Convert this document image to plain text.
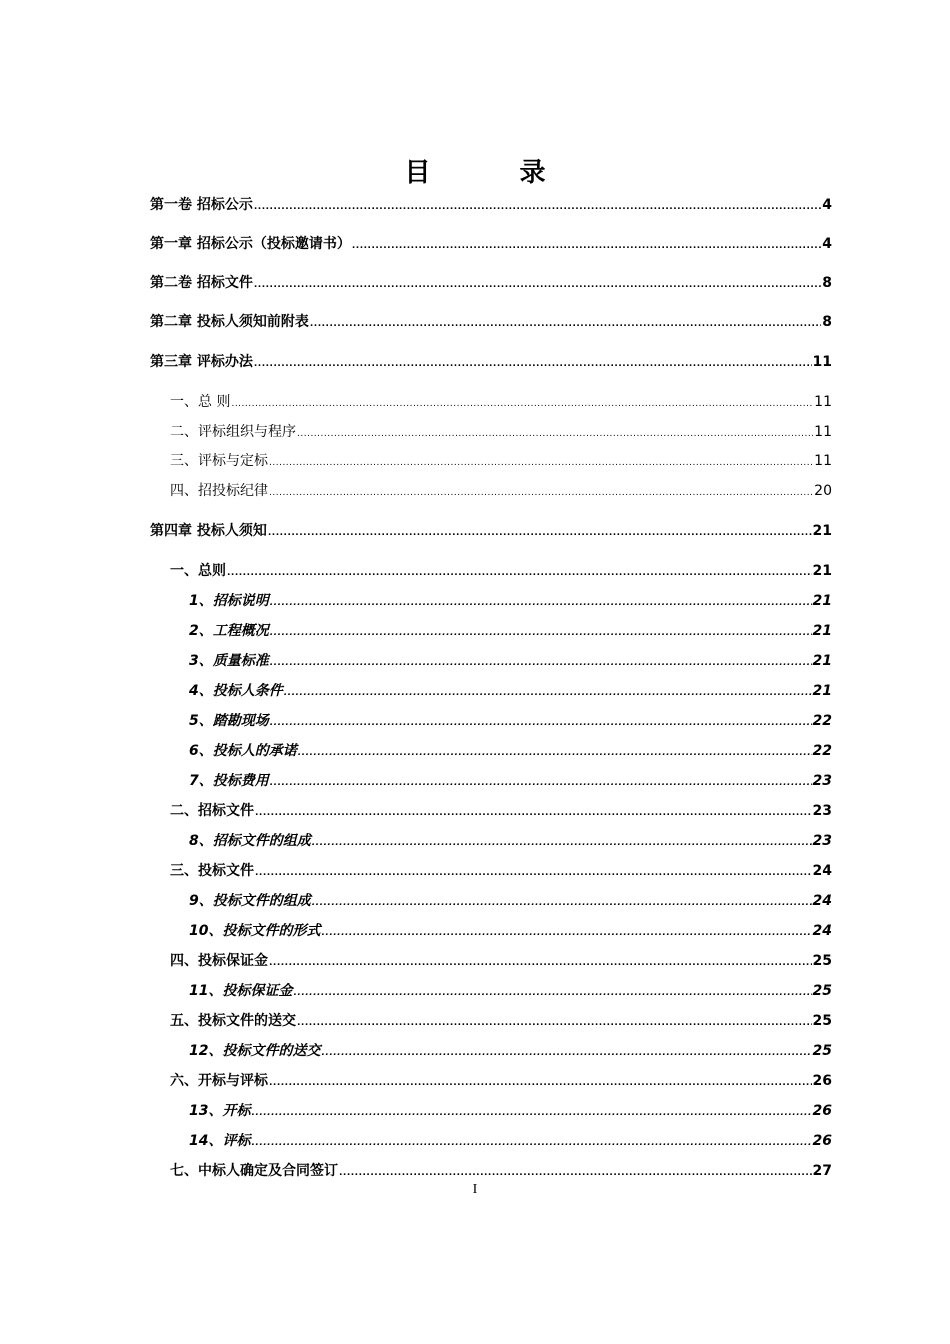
目 录
第一卷 招标公示 .....	4
第一章 招标公示（投标邀请书） .....	4
第二卷 招标文件 .....	8
第二章 投标人须知前附表 .....	8
第三章 评标办法 .....	11
一、总 则 .....	11
二、评标组织与程序 .....	11
三、评标与定标 .....	11
四、招投标纪律 .....	20
第四章 投标人须知 .....	21
一、总则 .....	21
1、招标说明 .....	21
2、工程概况 .....	21
3、质量标准 .....	21
4、投标人条件 .....	21
5、踏勘现场 .....	22
6、投标人的承诺 .....	22
7、投标费用 .....	23
二、招标文件 .....	23
8、招标文件的组成 .....	23
三、投标文件 .....	24
9、投标文件的组成 .....	24
10、投标文件的形式 .....	24
四、投标保证金 .....	25
11、投标保证金 .....	25
五、投标文件的送交 .....	25
12、投标文件的送交 .....	25
六、开标与评标 .....	26
13、开标 .....	26
14、评标 .....	26
七、中标人确定及合同签订 .....	27
I
